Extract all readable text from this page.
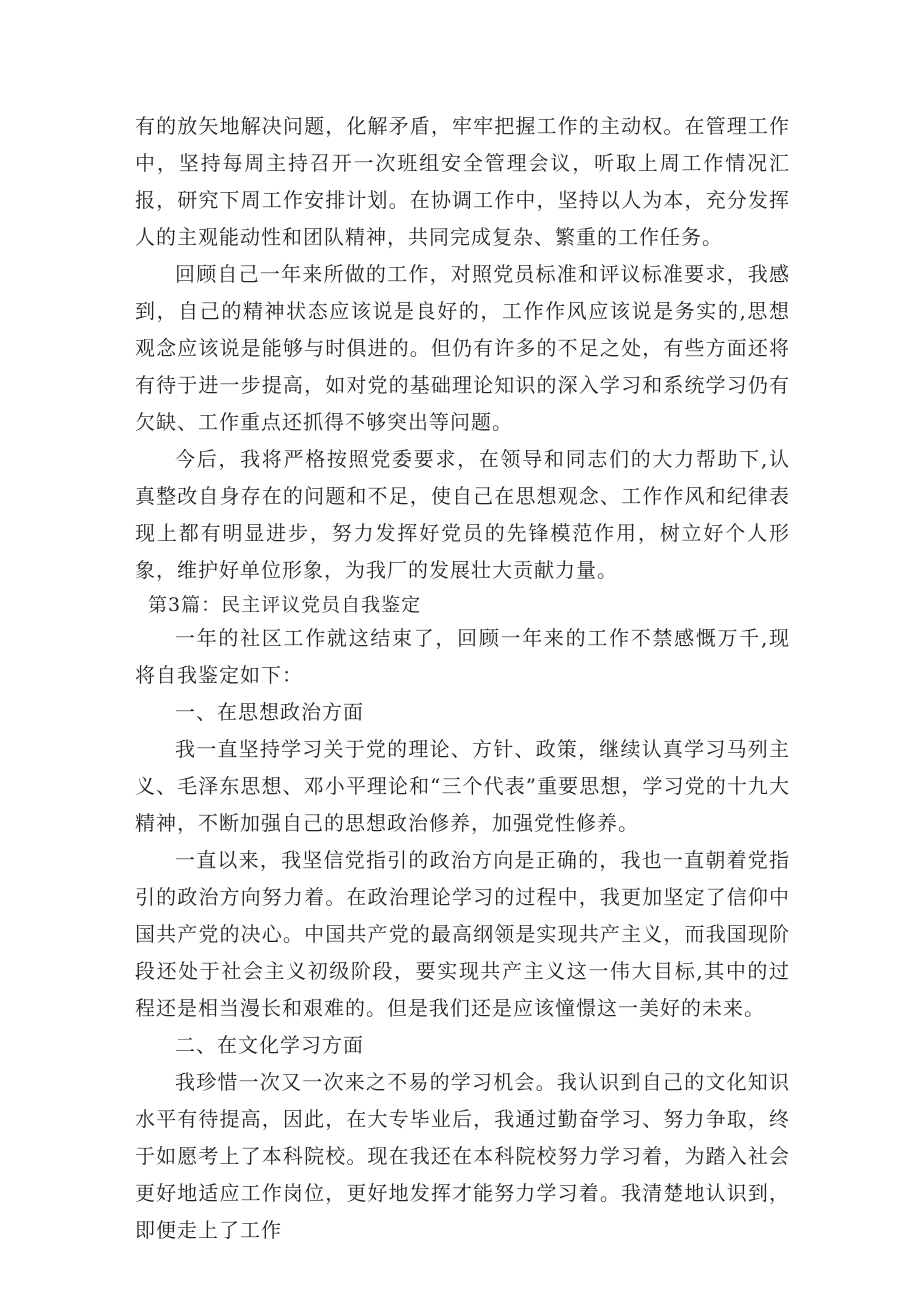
有的放矢地解决问题，化解矛盾，牢牢把握工作的主动权。在管理工作中，坚持每周主持召开一次班组安全管理会议，听取上周工作情况汇报，研究下周工作安排计划。在协调工作中，坚持以人为本，充分发挥人的主观能动性和团队精神，共同完成复杂、繁重的工作任务。

回顾自己一年来所做的工作，对照党员标准和评议标准要求，我感到，自己的精神状态应该说是良好的，工作作风应该说是务实的,思想观念应该说是能够与时俱进的。但仍有许多的不足之处，有些方面还将有待于进一步提高，如对党的基础理论知识的深入学习和系统学习仍有欠缺、工作重点还抓得不够突出等问题。

今后，我将严格按照党委要求，在领导和同志们的大力帮助下,认真整改自身存在的问题和不足，使自己在思想观念、工作作风和纪律表现上都有明显进步，努力发挥好党员的先锋模范作用，树立好个人形象，维护好单位形象，为我厂的发展壮大贡献力量。

第3篇：民主评议党员自我鉴定

一年的社区工作就这结束了，回顾一年来的工作不禁感慨万千,现将自我鉴定如下：

一、在思想政治方面

我一直坚持学习关于党的理论、方针、政策，继续认真学习马列主义、毛泽东思想、邓小平理论和“三个代表”重要思想，学习党的十九大精神，不断加强自己的思想政治修养，加强党性修养。

一直以来，我坚信党指引的政治方向是正确的，我也一直朝着党指引的政治方向努力着。在政治理论学习的过程中，我更加坚定了信仰中国共产党的决心。中国共产党的最高纲领是实现共产主义，而我国现阶段还处于社会主义初级阶段，要实现共产主义这一伟大目标,其中的过程还是相当漫长和艰难的。但是我们还是应该憧憬这一美好的未来。

二、在文化学习方面

我珍惜一次又一次来之不易的学习机会。我认识到自己的文化知识水平有待提高，因此，在大专毕业后，我通过勤奋学习、努力争取，终于如愿考上了本科院校。现在我还在本科院校努力学习着，为踏入社会更好地适应工作岗位，更好地发挥才能努力学习着。我清楚地认识到，即便走上了工作
